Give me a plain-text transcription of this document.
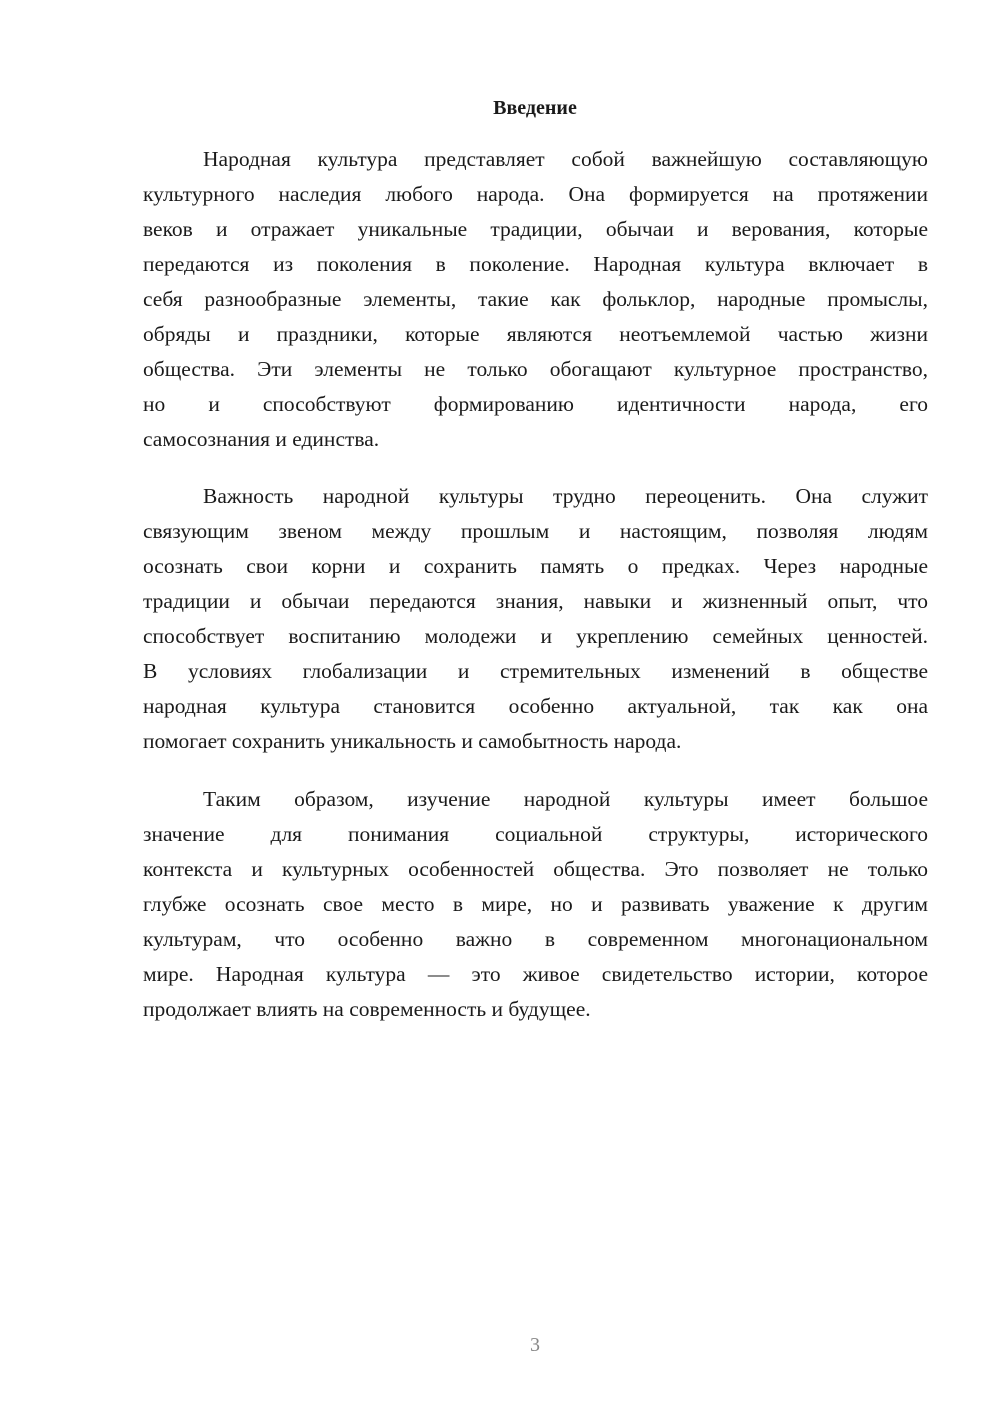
Введение
Народная культура представляет собой важнейшую составляющую
культурного наследия любого народа. Она формируется на протяжении
веков и отражает уникальные традиции, обычаи и верования, которые
передаются из поколения в поколение. Народная культура включает в
себя разнообразные элементы, такие как фольклор, народные промыслы,
обряды и праздники, которые являются неотъемлемой частью жизни
общества. Эти элементы не только обогащают культурное пространство,
но и способствуют формированию идентичности народа, его
самосознания и единства.
Важность народной культуры трудно переоценить. Она служит
связующим звеном между прошлым и настоящим, позволяя людям
осознать свои корни и сохранить память о предках. Через народные
традиции и обычаи передаются знания, навыки и жизненный опыт, что
способствует воспитанию молодежи и укреплению семейных ценностей.
В условиях глобализации и стремительных изменений в обществе
народная культура становится особенно актуальной, так как она
помогает сохранить уникальность и самобытность народа.
Таким образом, изучение народной культуры имеет большое
значение для понимания социальной структуры, исторического
контекста и культурных особенностей общества. Это позволяет не только
глубже осознать свое место в мире, но и развивать уважение к другим
культурам, что особенно важно в современном многонациональном
мире. Народная культура — это живое свидетельство истории, которое
продолжает влиять на современность и будущее.
3
